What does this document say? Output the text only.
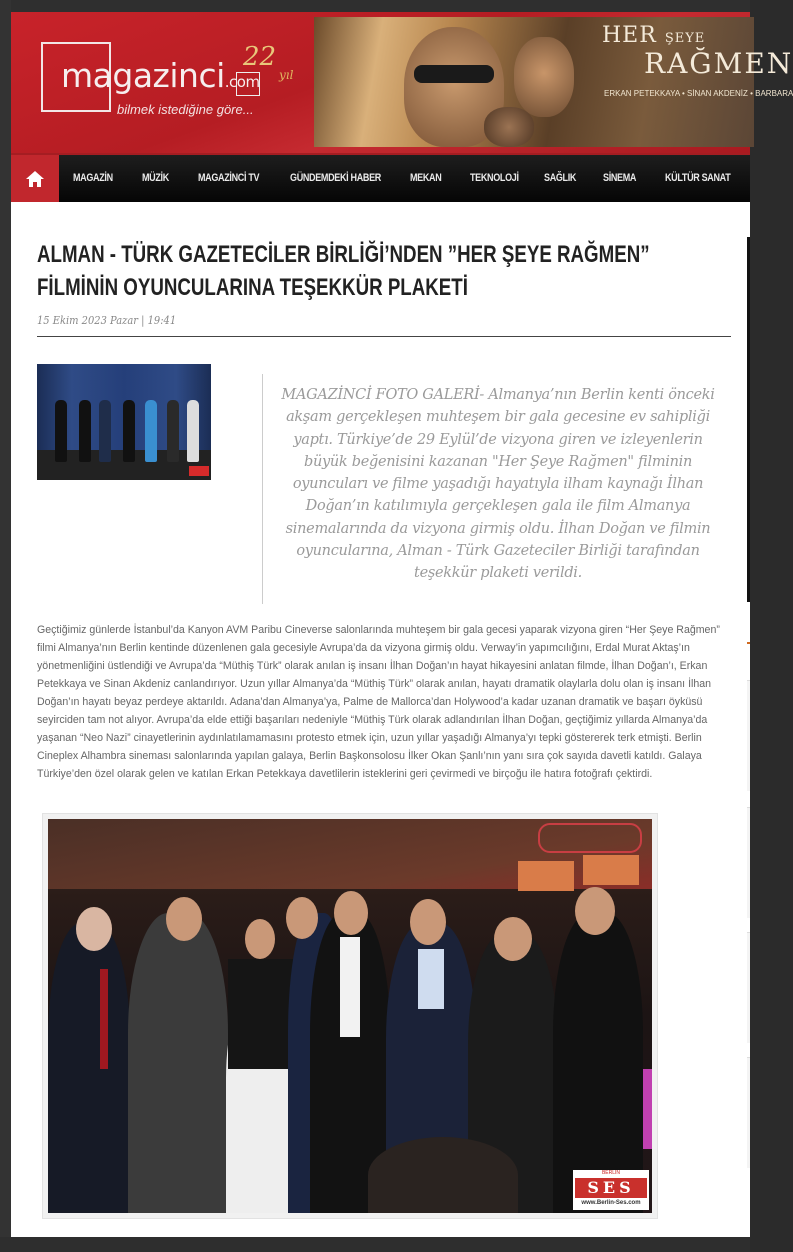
magazinci.com
22
yıl
bilmek istediğine göre...
HER ŞEYE
RAĞMEN
ERKAN PETEKKAYA • SİNAN AKDENİZ • BARBARA
MAGAZİN	MÜZİK	MAGAZİNCİ TV	GÜNDEMDEKİ HABER	MEKAN	TEKNOLOJİ SAĞLIK SİNEMA	KÜLTÜR SANAT
ALMAN - TÜRK GAZETECİLER BİRLİĞİ’NDEN ”HER ŞEYE RAĞMEN”
FİLMİNİN OYUNCULARINA TEŞEKKÜR PLAKETİ
15 Ekim 2023 Pazar | 19:41

MAGAZİNCİ FOTO GALERİ- Almanya’nın Berlin kenti önceki akşam gerçekleşen muhteşem bir gala gecesine ev sahipliği yaptı. Türkiye’de 29 Eylül’de vizyona giren ve izleyenlerin büyük beğenisini kazanan "Her Şeye Rağmen" filminin oyuncuları ve filme yaşadığı hayatıyla ilham kaynağı İlhan Doğan’ın katılımıyla gerçekleşen gala ile film Almanya sinemalarında da vizyona girmiş oldu. İlhan Doğan ve filmin oyuncularına, Alman - Türk Gazeteciler Birliği tarafından teşekkür plaketi verildi.

Geçtiğimiz günlerde İstanbul’da Kanyon AVM Paribu Cineverse salonlarında muhteşem bir gala gecesi yaparak vizyona giren “Her Şeye Rağmen” filmi Almanya’nın Berlin kentinde düzenlenen gala gecesiyle Avrupa’da da vizyona girmiş oldu. Verway’in yapımcılığını, Erdal Murat Aktaş’ın yönetmenliğini üstlendiği ve Avrupa’da “Müthiş Türk” olarak anılan iş insanı İlhan Doğan’ın hayat hikayesini anlatan filmde, İlhan Doğan’ı, Erkan Petekkaya ve Sinan Akdeniz canlandırıyor. Uzun yıllar Almanya’da “Müthiş Türk” olarak anılan, hayatı dramatik olaylarla dolu olan iş insanı İlhan Doğan’ın hayatı beyaz perdeye aktarıldı. Adana’dan Almanya’ya, Palme de Mallorca’dan Holywood’a kadar uzanan dramatik ve başarı öyküsü seyirciden tam not alıyor. Avrupa’da elde ettiği başarıları nedeniyle “Müthiş Türk olarak adlandırılan İlhan Doğan, geçtiğimiz yıllarda Almanya’da yaşanan “Neo Nazi” cinayetlerinin aydınlatılamamasını protesto etmek için, uzun yıllar yaşadığı Almanya’yı tepki göstererek terk etmişti. Berlin Cineplex Alhambra sineması salonlarında yapılan galaya, Berlin Başkonsolosu İlker Okan Şanlı’nın yanı sıra çok sayıda davetli katıldı. Galaya Türkiye’den özel olarak gelen ve katılan Erkan Petekkaya davetlilerin isteklerini geri çevirmedi ve birçoğu ile hatıra fotoğrafı çektirdi.

BERLIN
SES
www.Berlin-Ses.com
